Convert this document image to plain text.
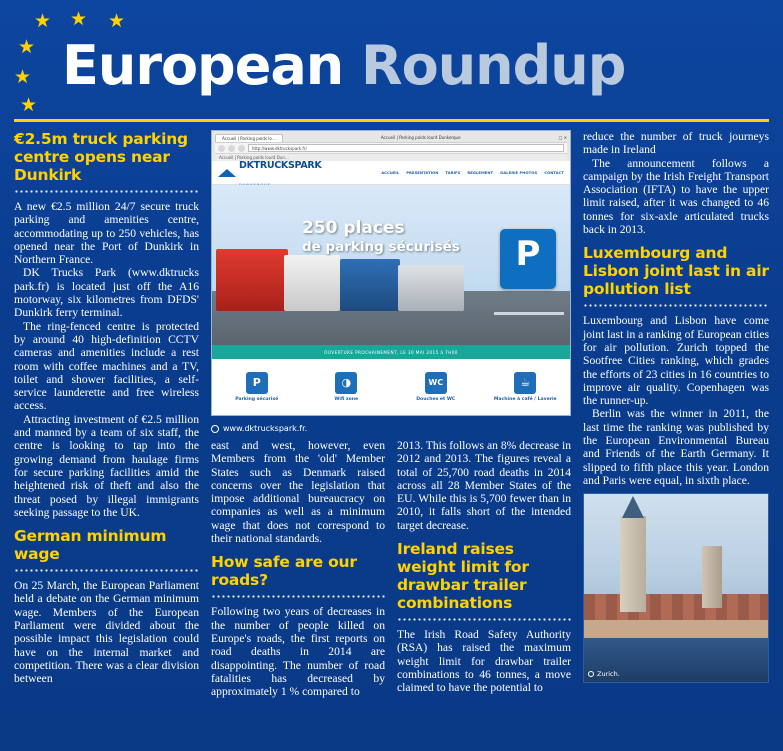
★ ★ ★
★
★
★
European Roundup
€2.5m truck parking centre opens near Dunkirk

A new €2.5 million 24/7 secure truck parking and amenities centre, accommodating up to 250 vehicles, has opened near the Port of Dunkirk in Northern France.

DK Trucks Park (www.dktrucks park.fr) is located just off the A16 motorway, six kilometres from DFDS' Dunkirk ferry terminal.

The ring-fenced centre is protected by around 40 high-definition CCTV cameras and amenities include a rest room with coffee machines and a TV, toilet and shower facilities, a self-service launderette and free wireless access.

Attracting investment of €2.5 million and manned by a team of six staff, the centre is looking to tap into the growing demand from haulage firms for secure parking facilities amid the heightened risk of theft and also the threat posed by illegal immigrants seeking passage to the UK.

German minimum wage

On 25 March, the European Parliament held a debate on the German minimum wage. Members of the European Parliament were divided about the possible impact this legislation could have on the internal market and competition. There was a clear division between

Accueil | Parking poids lo…	Accueil | Parking poids lourd Dunkerque	□ ✕
http://www.dktruckspark.fr/
Accueil | Parking poids lourd Dun…
DKTRUCKSPARK

ACCUEIL PRESENTATION TARIFS REGLEMENT GALERIE PHOTOS CONTACT
250 places
de parking sécurisés	P
OUVERTURE PROCHAINEMENT, LE 30 MAI 2015 à 7H00
P
Parking sécurisé
◑
Wifi zone
WC
Douches et WC
☕
Machine à café / Laverie
www.dktruckspark.fr.

east and west, however, even Members from the 'old' Member States such as Denmark raised concerns over the legislation that impose additional bureaucracy on companies as well as a minimum wage that does not correspond to their national standards.

How safe are our roads?

Following two years of decreases in the number of people killed on Europe's roads, the first reports on road deaths in 2014 are disappointing. The number of road fatalities has decreased by approximately 1 % compared to

2013. This follows an 8% decrease in 2012 and 2013. The figures reveal a total of 25,700 road deaths in 2014 across all 28 Member States of the EU. While this is 5,700 fewer than in 2010, it falls short of the intended target decrease.

Ireland raises weight limit for drawbar trailer combinations

The Irish Road Safety Authority (RSA) has raised the maximum weight limit for drawbar trailer combinations to 46 tonnes, a move claimed to have the potential to

reduce the number of truck journeys made in Ireland

The announcement follows a campaign by the Irish Freight Transport Association (IFTA) to have the upper limit raised, after it was changed to 46 tonnes for six-axle articulated trucks back in 2013.

Luxembourg and Lisbon joint last in air pollution list

Luxembourg and Lisbon have come joint last in a ranking of European cities for air pollution. Zurich topped the Sootfree Cities ranking, which grades the efforts of 23 cities in 16 countries to improve air quality. Copenhagen was the runner-up.

Berlin was the winner in 2011, the last time the ranking was published by the European Environmental Bureau and Friends of the Earth Germany. It slipped to fifth place this year. London and Paris were equal, in sixth place.

Zurich.
